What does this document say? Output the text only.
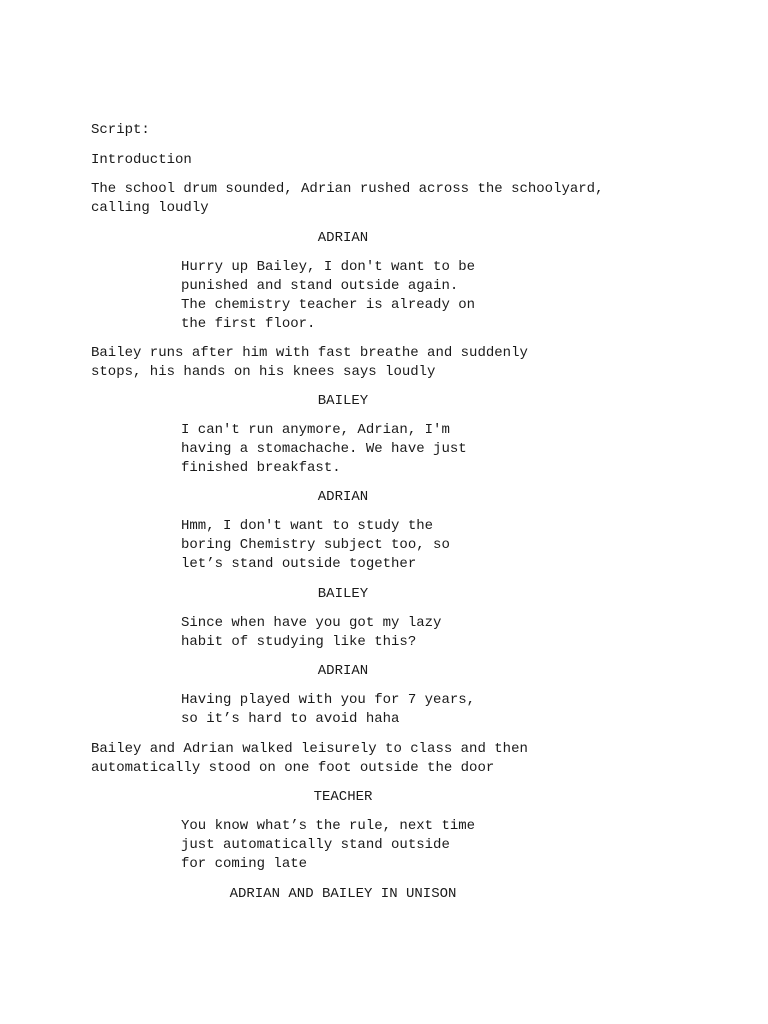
Script:
Introduction
The school drum sounded, Adrian rushed across the schoolyard,
calling loudly
ADRIAN
Hurry up Bailey, I don't want to be
punished and stand outside again.
The chemistry teacher is already on
the first floor.
Bailey runs after him with fast breathe and suddenly
stops, his hands on his knees says loudly
BAILEY
I can't run anymore, Adrian, I'm
having a stomachache. We have just
finished breakfast.
ADRIAN
Hmm, I don't want to study the
boring Chemistry subject too, so
let’s stand outside together
BAILEY
Since when have you got my lazy
habit of studying like this?
ADRIAN
Having played with you for 7 years,
so it’s hard to avoid haha
Bailey and Adrian walked leisurely to class and then
automatically stood on one foot outside the door
TEACHER
You know what’s the rule, next time
just automatically stand outside
for coming late
ADRIAN AND BAILEY IN UNISON
